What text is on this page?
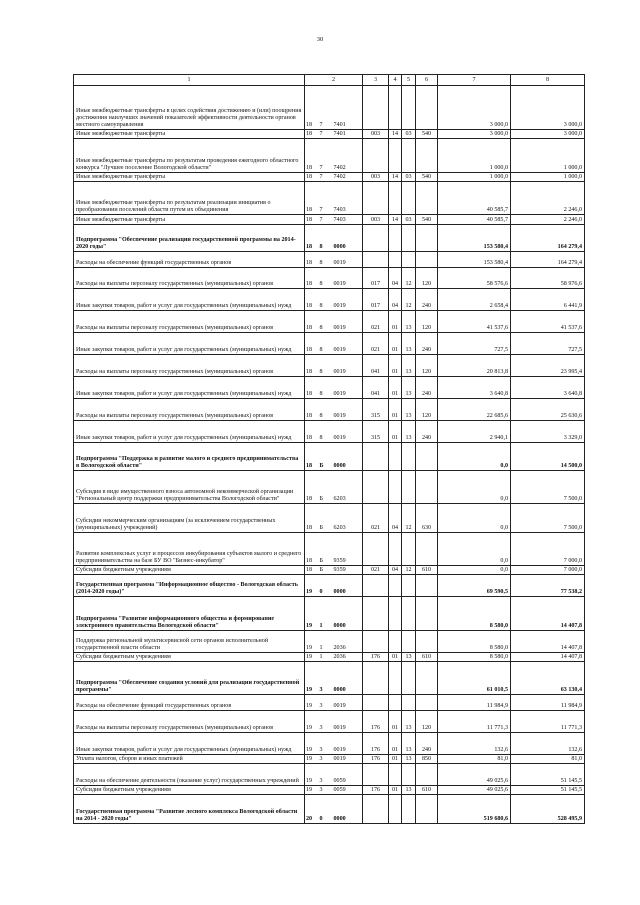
30
1	2			3	4	5	6	7	8
Иные межбюджетные трансферты в целях содействия достижению и (или) поощрения достижения наилучших значений показателей эффективности деятельности органов местного самоуправления	18	7	7401					3 000,0	3 000,0
Иные межбюджетные трансферты	18	7	7401	003	14	03	540	3 000,0	3 000,0
Иные межбюджетные трансферты по результатам проведения ежегодного областного конкурса "Лучшее поселение Вологодской области"	18	7	7402					1 000,0	1 000,0
Иные межбюджетные трансферты	18	7	7402	003	14	03	540	1 000,0	1 000,0
Иные межбюджетные трансферты по результатам реализации инициатив о преобразовании поселений области путем их объединения	18	7	7403					40 585,7	2 246,0
Иные межбюджетные трансферты	18	7	7403	003	14	03	540	40 585,7	2 246,0
Подпрограмма "Обеспечение реализации государственной программы на 2014-2020 годы"	18	8	0000					153 580,4	164 279,4
Расходы на обеспечение функций государственных органов	18	8	0019					153 580,4	164 279,4
Расходы на выплаты персоналу государственных (муниципальных) органов	18	8	0019	017	04	12	120	58 576,6	58 976,6
Иные закупки товаров, работ и услуг для государственных (муниципальных) нужд	18	8	0019	017	04	12	240	2 658,4	6 441,9
Расходы на выплаты персоналу государственных (муниципальных) органов	18	8	0019	021	01	13	120	41 537,6	41 537,6
Иные закупки товаров, работ и услуг для государственных (муниципальных) нужд	18	8	0019	021	01	13	240	727,5	727,5
Расходы на выплаты персоналу государственных (муниципальных) органов	18	8	0019	041	01	13	120	20 813,8	23 995,4
Иные закупки товаров, работ и услуг для государственных (муниципальных) нужд	18	8	0019	041	01	13	240	3 640,8	3 640,8
Расходы на выплаты персоналу государственных (муниципальных) органов	18	8	0019	315	01	13	120	22 685,6	25 630,6
Иные закупки товаров, работ и услуг для государственных (муниципальных) нужд	18	8	0019	315	01	13	240	2 940,1	3 329,0
Подпрограмма "Поддержка и развитие малого и среднего предпринимательства в Вологодской области"	18	Б	0000					0,0	14 500,0
Субсидия в виде имущественного взноса автономной некоммерческой организации "Региональный центр поддержки предпринимательства Вологодской области"	18	Б	6203					0,0	7 500,0
Субсидии некоммерческим организациям (за исключением государственных (муниципальных) учреждений)	18	Б	6203	021	04	12	630	0,0	7 500,0
Развитие комплексных услуг и процессов инкубирования субъектов малого и среднего предпринимательства на базе БУ ВО "Бизнес-инкубатор"	18	Б	9359					0,0	7 000,0
Субсидии бюджетным учреждениям	18	Б	9359	021	04	12	610	0,0	7 000,0
Государственная программа "Информационное общество - Вологодская область (2014-2020 годы)"	19	0	0000					69 590,5	77 538,2
Подпрограмма "Развитие информационного общества и формирование электронного правительства Вологодской области"	19	1	0000					8 580,0	14 407,8
Поддержка региональной мультисервисной сети органов исполнительной государственной власти области	19	1	2036					8 580,0	14 407,8
Субсидии бюджетным учреждениям	19	1	2036	176	01	13	610	8 580,0	14 407,8
Подпрограмма "Обеспечение создания условий для реализации государственной программы"	19	3	0000					61 010,5	63 130,4
Расходы на обеспечение функций государственных органов	19	3	0019					11 984,9	11 984,9
Расходы на выплаты персоналу государственных (муниципальных) органов	19	3	0019	176	01	13	120	11 771,3	11 771,3
Иные закупки товаров, работ и услуг для государственных (муниципальных) нужд	19	3	0019	176	01	13	240	132,6	132,6
Уплата налогов, сборов и иных платежей	19	3	0019	176	01	13	850	81,0	81,0
Расходы на обеспечение деятельности (оказание услуг) государственных учреждений	19	3	0059					49 025,6	51 145,5
Субсидии бюджетным учреждениям	19	3	0059	176	01	13	610	49 025,6	51 145,5
Государственная программа "Развитие лесного комплекса Вологодской области на 2014 - 2020 годы"	20	0	0000					519 680,6	528 495,9
